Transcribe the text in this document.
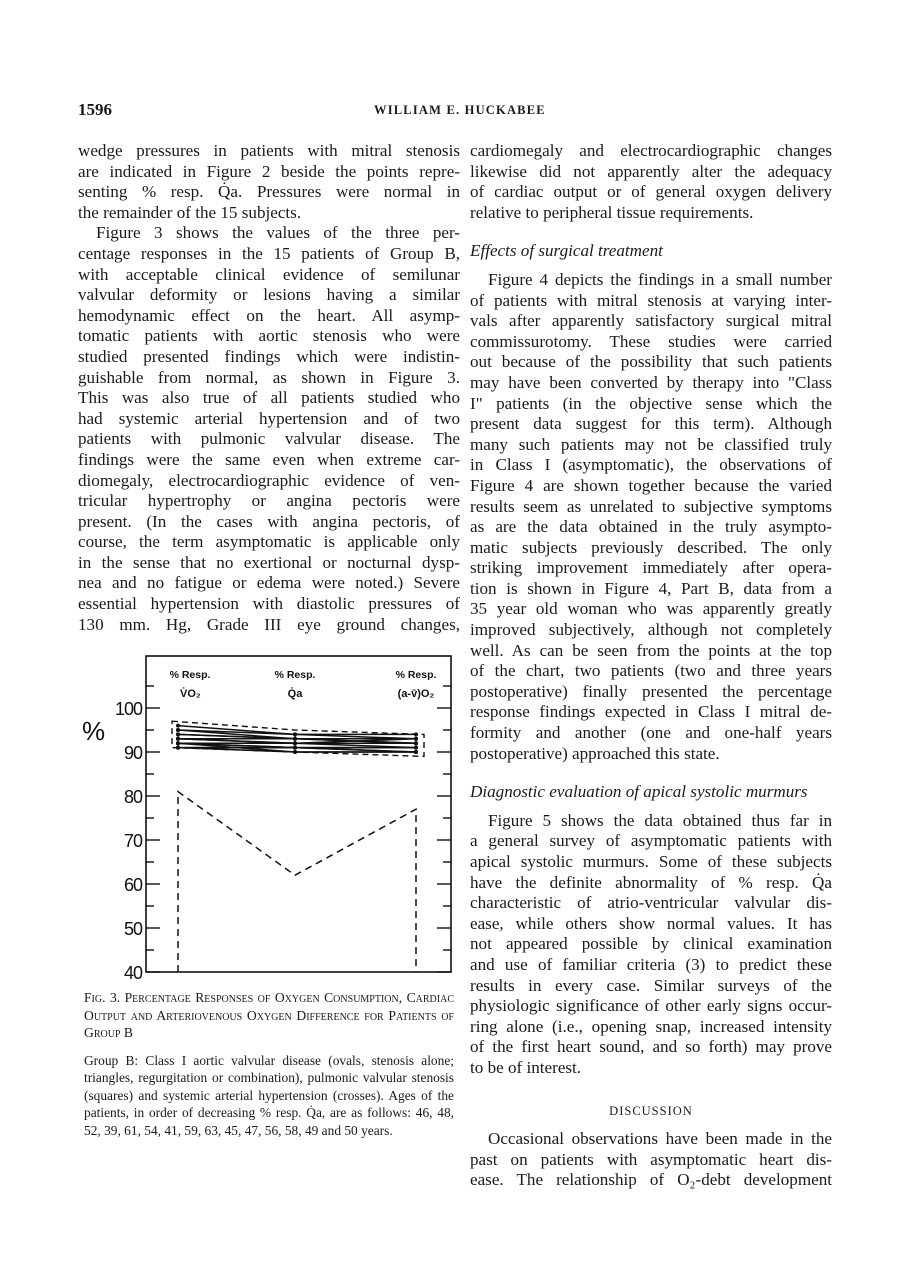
1596	WILLIAM E. HUCKABEE

wedge pressures in patients with mitral stenosis
are indicated in Figure 2 beside the points repre-
senting % resp. Q̇a. Pressures were normal in
the remainder of the 15 subjects.

Figure 3 shows the values of the three per-
centage responses in the 15 patients of Group B,
with acceptable clinical evidence of semilunar
valvular deformity or lesions having a similar
hemodynamic effect on the heart. All asymp-
tomatic patients with aortic stenosis who were
studied presented findings which were indistin-
guishable from normal, as shown in Figure 3.
This was also true of all patients studied who
had systemic arterial hypertension and of two
patients with pulmonic valvular disease. The
findings were the same even when extreme car-
diomegaly, electrocardiographic evidence of ven-
tricular hypertrophy or angina pectoris were
present. (In the cases with angina pectoris, of
course, the term asymptomatic is applicable only
in the sense that no exertional or nocturnal dysp-
nea and no fatigue or edema were noted.) Severe
essential hypertension with diastolic pressures of
130 mm. Hg, Grade III eye ground changes,

40
50
60
70
80
90
100
%
% Resp.
V̇O₂
% Resp.
Q̇a
% Resp.
(a-v̄)O₂
Fig. 3. Percentage Responses of Oxygen Consumption, Cardiac Output and Arteriovenous Oxygen Difference for Patients of Group B
Group B: Class I aortic valvular disease (ovals, stenosis alone; triangles, regurgitation or combination), pulmonic valvular stenosis (squares) and systemic arterial hypertension (crosses). Ages of the patients, in order of decreasing % resp. Q̇a, are as follows: 46, 48, 52, 39, 61, 54, 41, 59, 63, 45, 47, 56, 58, 49 and 50 years.

cardiomegaly and electrocardiographic changes
likewise did not apparently alter the adequacy
of cardiac output or of general oxygen delivery
relative to peripheral tissue requirements.

Effects of surgical treatment

Figure 4 depicts the findings in a small number
of patients with mitral stenosis at varying inter-
vals after apparently satisfactory surgical mitral
commissurotomy. These studies were carried
out because of the possibility that such patients
may have been converted by therapy into "Class
I" patients (in the objective sense which the
present data suggest for this term). Although
many such patients may not be classified truly
in Class I (asymptomatic), the observations of
Figure 4 are shown together because the varied
results seem as unrelated to subjective symptoms
as are the data obtained in the truly asympto-
matic subjects previously described. The only
striking improvement immediately after opera-
tion is shown in Figure 4, Part B, data from a
35 year old woman who was apparently greatly
improved subjectively, although not completely
well. As can be seen from the points at the top
of the chart, two patients (two and three years
postoperative) finally presented the percentage
response findings expected in Class I mitral de-
formity and another (one and one-half years
postoperative) approached this state.

Diagnostic evaluation of apical systolic murmurs

Figure 5 shows the data obtained thus far in
a general survey of asymptomatic patients with
apical systolic murmurs. Some of these subjects
have the definite abnormality of % resp. Q̇a
characteristic of atrio-ventricular valvular dis-
ease, while others show normal values. It has
not appeared possible by clinical examination
and use of familiar criteria (3) to predict these
results in every case. Similar surveys of the
physiologic significance of other early signs occur-
ring alone (i.e., opening snap, increased intensity
of the first heart sound, and so forth) may prove
to be of interest.

DISCUSSION

Occasional observations have been made in the
past on patients with asymptomatic heart dis-
ease. The relationship of O₂-debt development
